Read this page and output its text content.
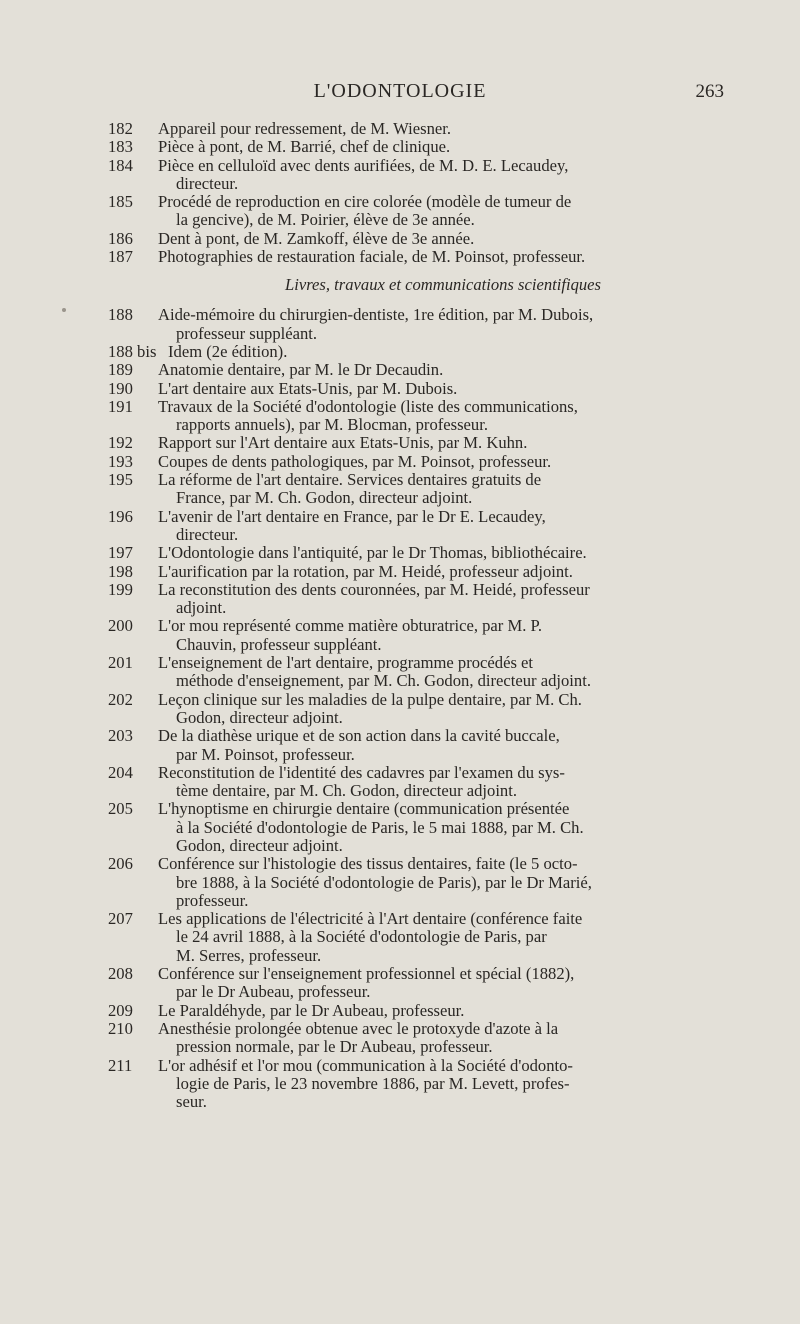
L'ODONTOLOGIE	263
182	Appareil pour redressement, de M. Wiesner.
183	Pièce à pont, de M. Barrié, chef de clinique.
184	Pièce en celluloïd avec dents aurifiées, de M. D. E. Lecaudey,
directeur.
185	Procédé de reproduction en cire colorée (modèle de tumeur de
la gencive), de M. Poirier, élève de 3e année.
186	Dent à pont, de M. Zamkoff, élève de 3e année.
187	Photographies de restauration faciale, de M. Poinsot, professeur.
Livres, travaux et communications scientifiques
188	Aide-mémoire du chirurgien-dentiste, 1re édition, par M. Dubois,
professeur suppléant.
188 bis Idem (2e édition).
189	Anatomie dentaire, par M. le Dr Decaudin.
190	L'art dentaire aux Etats-Unis, par M. Dubois.
191	Travaux de la Société d'odontologie (liste des communications,
rapports annuels), par M. Blocman, professeur.
192	Rapport sur l'Art dentaire aux Etats-Unis, par M. Kuhn.
193	Coupes de dents pathologiques, par M. Poinsot, professeur.
195	La réforme de l'art dentaire. Services dentaires gratuits de
France, par M. Ch. Godon, directeur adjoint.
196	L'avenir de l'art dentaire en France, par le Dr E. Lecaudey,
directeur.
197	L'Odontologie dans l'antiquité, par le Dr Thomas, bibliothécaire.
198	L'aurification par la rotation, par M. Heidé, professeur adjoint.
199	La reconstitution des dents couronnées, par M. Heidé, professeur
adjoint.
200	L'or mou représenté comme matière obturatrice, par M. P.
Chauvin, professeur suppléant.
201	L'enseignement de l'art dentaire, programme procédés et
méthode d'enseignement, par M. Ch. Godon, directeur adjoint.
202	Leçon clinique sur les maladies de la pulpe dentaire, par M. Ch.
Godon, directeur adjoint.
203	De la diathèse urique et de son action dans la cavité buccale,
par M. Poinsot, professeur.
204	Reconstitution de l'identité des cadavres par l'examen du sys-
tème dentaire, par M. Ch. Godon, directeur adjoint.
205	L'hynoptisme en chirurgie dentaire (communication présentée
à la Société d'odontologie de Paris, le 5 mai 1888, par M. Ch.
Godon, directeur adjoint.
206	Conférence sur l'histologie des tissus dentaires, faite (le 5 octo-
bre 1888, à la Société d'odontologie de Paris), par le Dr Marié,
professeur.
207	Les applications de l'électricité à l'Art dentaire (conférence faite
le 24 avril 1888, à la Société d'odontologie de Paris, par
M. Serres, professeur.
208	Conférence sur l'enseignement professionnel et spécial (1882),
par le Dr Aubeau, professeur.
209	Le Paraldéhyde, par le Dr Aubeau, professeur.
210	Anesthésie prolongée obtenue avec le protoxyde d'azote à la
pression normale, par le Dr Aubeau, professeur.
211	L'or adhésif et l'or mou (communication à la Société d'odonto-
logie de Paris, le 23 novembre 1886, par M. Levett, profes-
seur.
